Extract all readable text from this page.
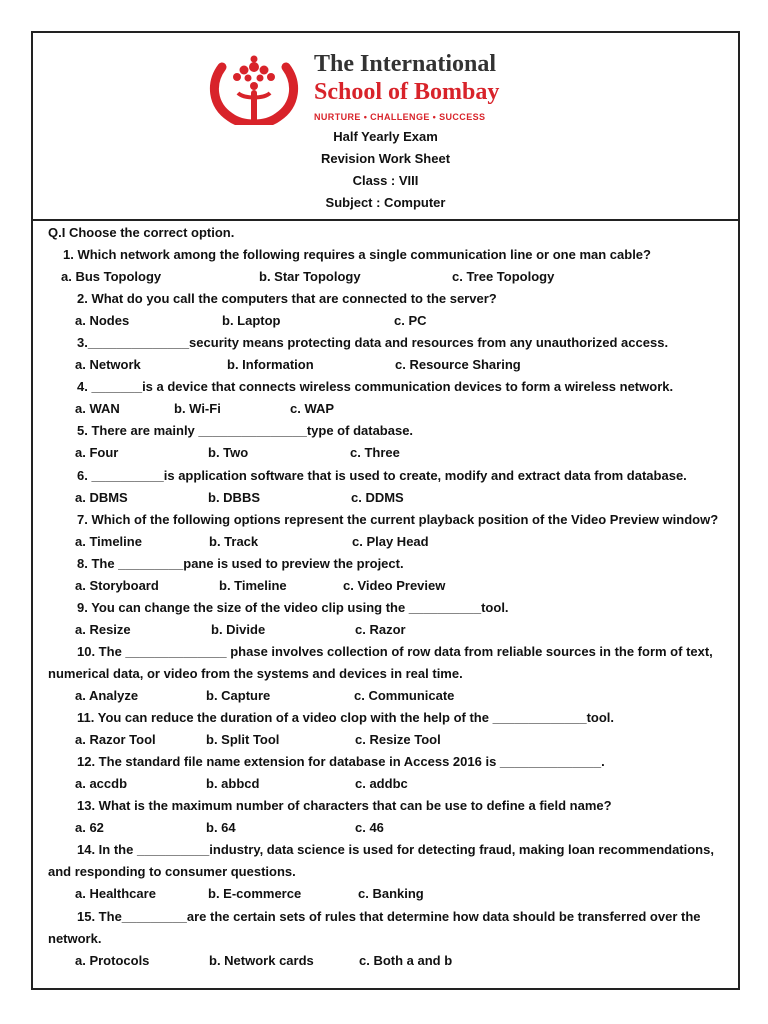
The International
School of Bombay
NURTURE • CHALLENGE • SUCCESS
Half Yearly Exam
Revision Work Sheet
Class : VIII
Subject : Computer
Q.I Choose the correct option.
1. Which network among the following requires a single communication line or one man cable?
a. Bus Topology	b. Star Topology	c. Tree Topology
2. What do you call the computers that are connected to the server?
a. Nodes	b. Laptop	c. PC
3.______________security means protecting data and resources from any unauthorized access.
a. Network	b. Information	c. Resource Sharing
4. _______is a device that connects wireless communication devices to form a wireless network.
a. WAN	b. Wi-Fi	c. WAP
5. There are mainly _______________type of database.
a. Four	b. Two	c. Three
6. __________is application software that is used to create, modify and extract data from database.
a. DBMS	b. DBBS	c. DDMS
7. Which of the following options represent the current playback position of the Video Preview window?
a. Timeline	b. Track	c. Play Head
8. The _________pane is used to preview the project.
a. Storyboard	b. Timeline	c. Video Preview
9. You can change the size of the video clip using the __________tool.
a. Resize	b. Divide	c. Razor
10. The ______________ phase involves collection of row data from reliable sources in the form of text,
numerical data, or video from the systems and devices in real time.
a. Analyze	b. Capture	c. Communicate
11. You can reduce the duration of a video clop with the help of the _____________tool.
a. Razor Tool	b. Split Tool	c. Resize Tool
12. The standard file name extension for database in Access 2016 is ______________.
a. accdb	b. abbcd	c. addbc
13. What is the maximum number of characters that can be use to define a field name?
a. 62	b. 64	c. 46
14. In the __________industry, data science is used for detecting fraud, making loan recommendations,
and responding to consumer questions.
a. Healthcare	b. E-commerce	c. Banking
15. The_________are the certain sets of rules that determine how data should be transferred over the
network.
a. Protocols	b. Network cards	c. Both a and b
